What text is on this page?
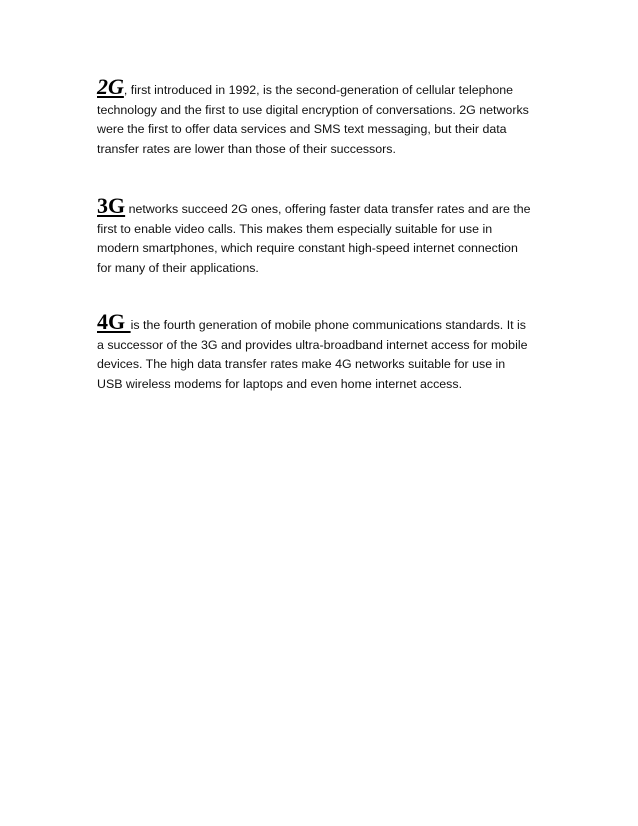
2G, first introduced in 1992, is the second-generation of cellular telephone
technology and the first to use digital encryption of conversations. 2G networks
were the first to offer data services and SMS text messaging, but their data
transfer rates are lower than those of their successors.

3G networks succeed 2G ones, offering faster data transfer rates and are the
first to enable video calls. This makes them especially suitable for use in
modern smartphones, which require constant high-speed internet connection
for many of their applications.

4G is the fourth generation of mobile phone communications standards. It is
a successor of the 3G and provides ultra-broadband internet access for mobile
devices. The high data transfer rates make 4G networks suitable for use in
USB wireless modems for laptops and even home internet access.
